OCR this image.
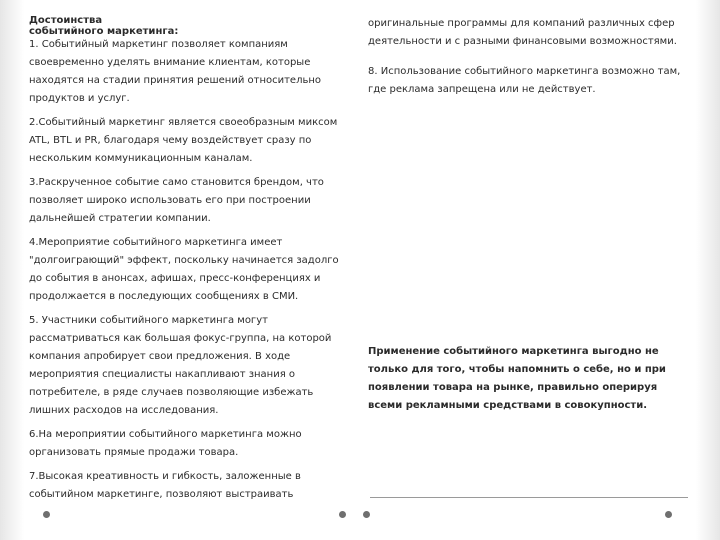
Достоинства событийного маркетинга:

1. Событийный маркетинг позволяет компаниям своевременно уделять внимание клиентам, которые находятся на стадии принятия решений относительно продуктов и услуг.

2.Событийный маркетинг является своеобразным миксом ATL, BTL и PR, благодаря чему воздействует сразу по нескольким коммуникационным каналам.

3.Раскрученное событие само становится брендом, что позволяет широко использовать его при построении дальнейшей стратегии компании.

4.Мероприятие событийного маркетинга имеет "долгоиграющий" эффект, поскольку начинается задолго до события в анонсах, афишах, пресс-конференциях и продолжается в последующих сообщениях в СМИ.

5. Участники событийного маркетинга могут рассматриваться как большая фокус-группа, на которой компания апробирует свои предложения. В ходе мероприятия специалисты накапливают знания о потребителе, в ряде случаев позволяющие избежать лишних расходов на исследования.

6.На мероприятии событийного маркетинга можно организовать прямые продажи товара.

7.Высокая креативность и гибкость, заложенные в событийном маркетинге, позволяют выстраивать

оригинальные программы для компаний различных сфер деятельности и с разными финансовыми возможностями.

8. Использование событийного маркетинга возможно там, где реклама запрещена или не действует.

Применение событийного маркетинга выгодно не только для того, чтобы напомнить о себе, но и при появлении товара на рынке, правильно оперируя всеми рекламными средствами в совокупности.
